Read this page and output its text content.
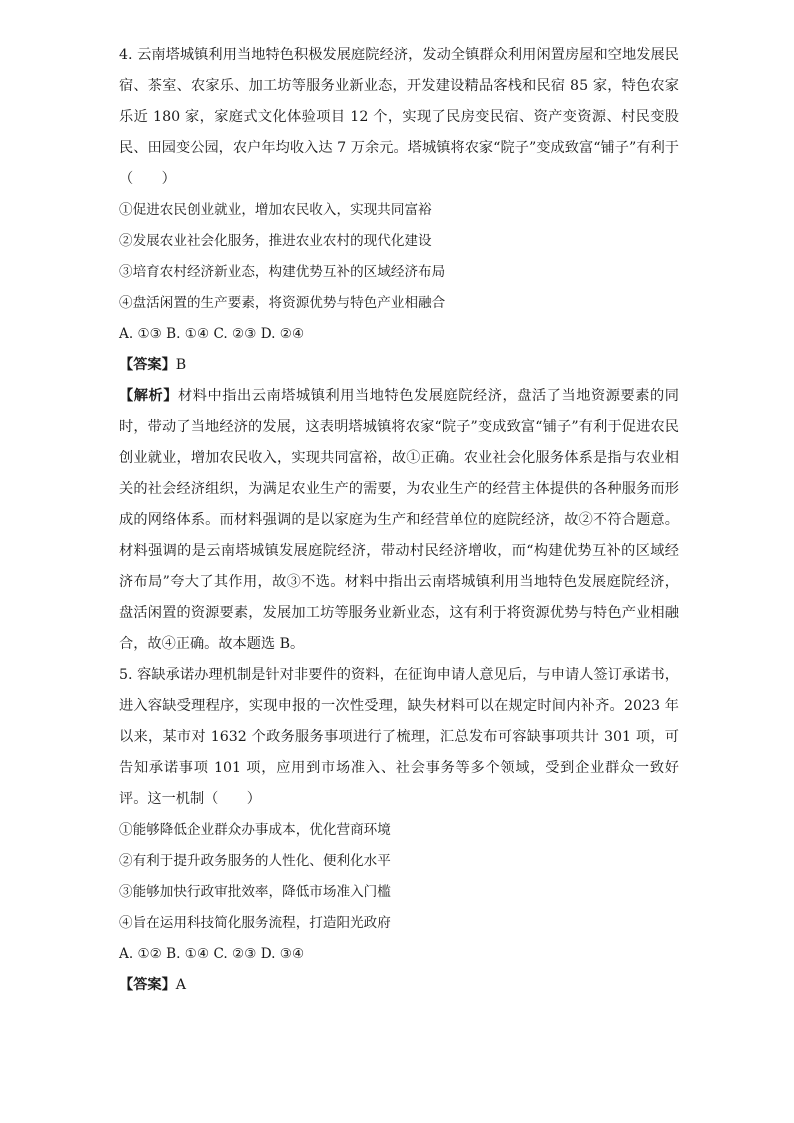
4. 云南塔城镇利用当地特色积极发展庭院经济，发动全镇群众利用闲置房屋和空地发展民宿、茶室、农家乐、加工坊等服务业新业态，开发建设精品客栈和民宿 85 家，特色农家乐近 180 家，家庭式文化体验项目 12 个，实现了民房变民宿、资产变资源、村民变股民、田园变公园，农户年均收入达 7 万余元。塔城镇将农家“院子”变成致富“铺子”有利于（　　）

①促进农民创业就业，增加农民收入，实现共同富裕

②发展农业社会化服务，推进农业农村的现代化建设

③培育农村经济新业态，构建优势互补的区域经济布局

④盘活闲置的生产要素，将资源优势与特色产业相融合

A. ①③ B. ①④ C. ②③ D. ②④

【答案】B

【解析】材料中指出云南塔城镇利用当地特色发展庭院经济，盘活了当地资源要素的同时，带动了当地经济的发展，这表明塔城镇将农家“院子”变成致富“铺子”有利于促进农民创业就业，增加农民收入，实现共同富裕，故①正确。农业社会化服务体系是指与农业相关的社会经济组织，为满足农业生产的需要，为农业生产的经营主体提供的各种服务而形成的网络体系。而材料强调的是以家庭为生产和经营单位的庭院经济，故②不符合题意。材料强调的是云南塔城镇发展庭院经济，带动村民经济增收，而“构建优势互补的区域经济布局”夸大了其作用，故③不选。材料中指出云南塔城镇利用当地特色发展庭院经济，盘活闲置的资源要素，发展加工坊等服务业新业态，这有利于将资源优势与特色产业相融合，故④正确。故本题选 B。

5. 容缺承诺办理机制是针对非要件的资料，在征询申请人意见后，与申请人签订承诺书，进入容缺受理程序，实现申报的一次性受理，缺失材料可以在规定时间内补齐。2023 年以来，某市对 1632 个政务服务事项进行了梳理，汇总发布可容缺事项共计 301 项，可告知承诺事项 101 项，应用到市场准入、社会事务等多个领域，受到企业群众一致好评。这一机制（　　）

①能够降低企业群众办事成本，优化营商环境

②有利于提升政务服务的人性化、便利化水平

③能够加快行政审批效率，降低市场准入门槛

④旨在运用科技简化服务流程，打造阳光政府

A. ①② B. ①④ C. ②③ D. ③④

【答案】A
